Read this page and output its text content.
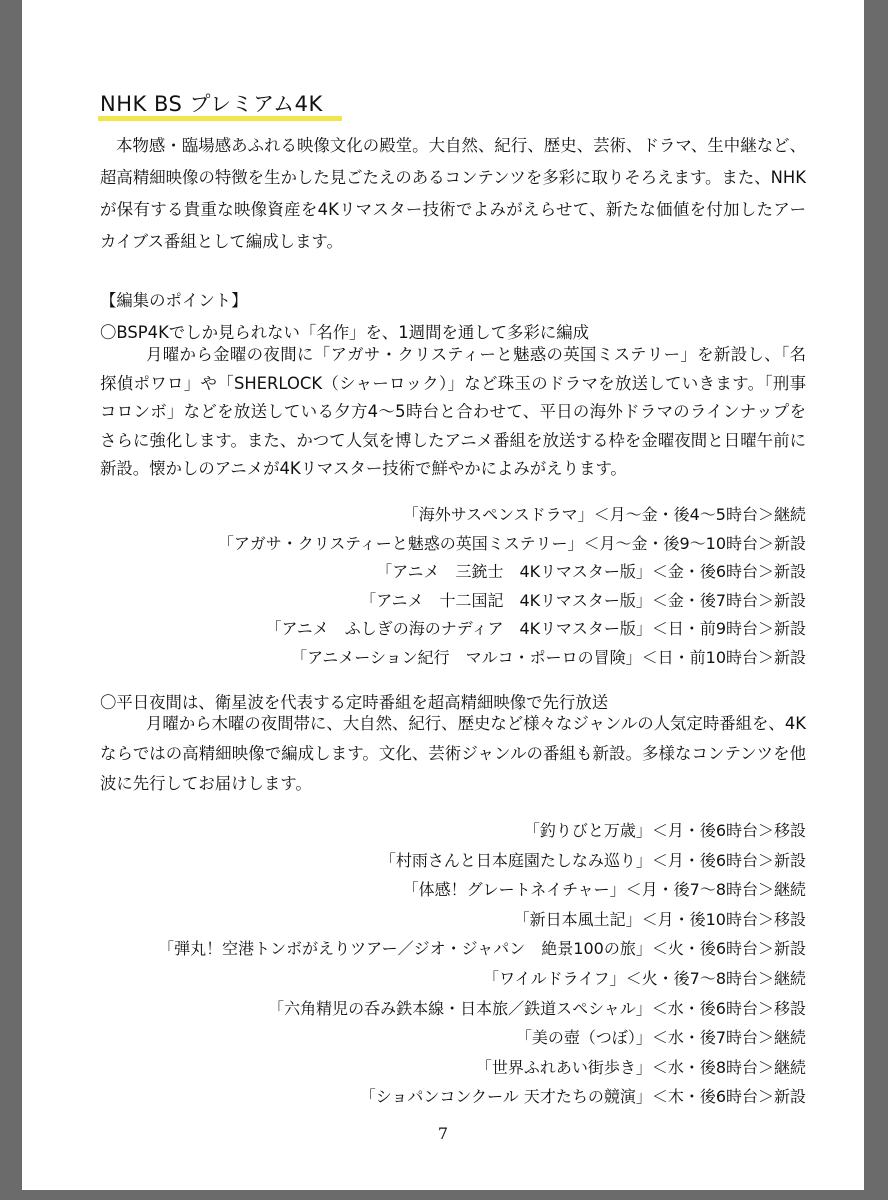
NHK BS プレミアム4K

本物感・臨場感あふれる映像文化の殿堂。大自然、紀行、歴史、芸術、ドラマ、生中継など、超高精細映像の特徴を生かした見ごたえのあるコンテンツを多彩に取りそろえます。また、NHKが保有する貴重な映像資産を4Kリマスター技術でよみがえらせて、新たな価値を付加したアーカイブス番組として編成します。

【編集のポイント】

〇BSP4Kでしか見られない「名作」を、1週間を通して多彩に編成

月曜から金曜の夜間に「アガサ・クリスティーと魅惑の英国ミステリー」を新設し、「名探偵ポワロ」や「SHERLOCK（シャーロック）」など珠玉のドラマを放送していきます。「刑事コロンボ」などを放送している夕方4～5時台と合わせて、平日の海外ドラマのラインナップをさらに強化します。また、かつて人気を博したアニメ番組を放送する枠を金曜夜間と日曜午前に新設。懐かしのアニメが4Kリマスター技術で鮮やかによみがえります。

「海外サスペンスドラマ」＜月～金・後4～5時台＞継続
「アガサ・クリスティーと魅惑の英国ミステリー」＜月～金・後9～10時台＞新設
「アニメ　三銃士　4Kリマスター版」＜金・後6時台＞新設
「アニメ　十二国記　4Kリマスター版」＜金・後7時台＞新設
「アニメ　ふしぎの海のナディア　4Kリマスター版」＜日・前9時台＞新設
「アニメーション紀行　マルコ・ポーロの冒険」＜日・前10時台＞新設

〇平日夜間は、衛星波を代表する定時番組を超高精細映像で先行放送

月曜から木曜の夜間帯に、大自然、紀行、歴史など様々なジャンルの人気定時番組を、4Kならではの高精細映像で編成します。文化、芸術ジャンルの番組も新設。多様なコンテンツを他波に先行してお届けします。

「釣りびと万歳」＜月・後6時台＞移設
「村雨さんと日本庭園たしなみ巡り」＜月・後6時台＞新設
「体感！グレートネイチャー」＜月・後7～8時台＞継続
「新日本風土記」＜月・後10時台＞移設
「弾丸！空港トンボがえりツアー／ジオ・ジャパン　絶景100の旅」＜火・後6時台＞新設
「ワイルドライフ」＜火・後7～8時台＞継続
「六角精児の呑み鉄本線・日本旅／鉄道スペシャル」＜水・後6時台＞移設
「美の壺（つぼ）」＜水・後7時台＞継続
「世界ふれあい街歩き」＜水・後8時台＞継続
「ショパンコンクール 天才たちの競演」＜木・後6時台＞新設
7
